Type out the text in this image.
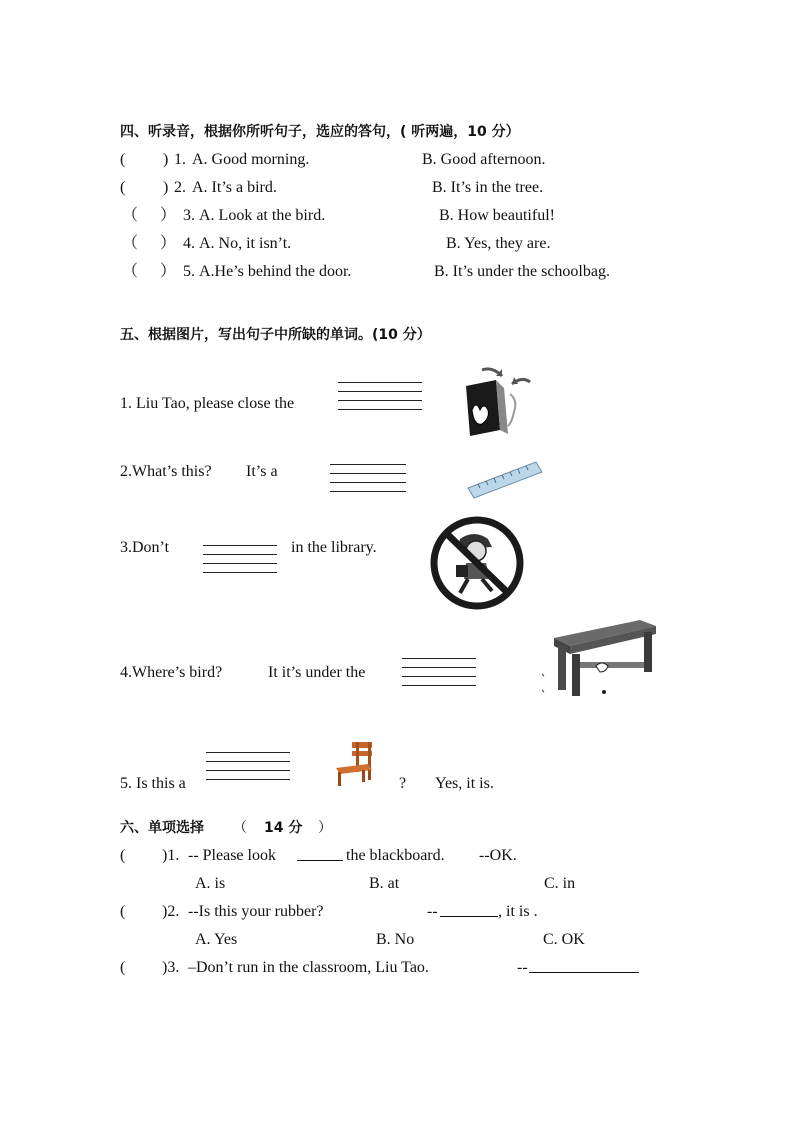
四、听录音，根据你所听句子，选应的答句，( 听两遍，10 分）
( ) 1. A. Good morning.	B. Good afternoon.
( ) 2. A. It’s a bird.	B. It’s in the tree.
（ ） 3. A. Look at the bird.	B. How beautiful!
（ ） 4. A. No, it isn’t.	B. Yes, they are.
（ ） 5. A.He’s behind the door.	B. It’s under the schoolbag.
五、根据图片，写出句子中所缺的单词。(10 分）
1. Liu Tao, please close the
2.What’s this? It’s a
3.Don’t	in the library.
4.Where’s bird?	It it’s under the
5. Is this a	? Yes, it is.
六、单项选择 （ 14 分 ）
( )1. -- Please look	the blackboard. --OK.
A. is	B. at	C. in
( )2. --Is this your rubber?	--	, it is .
A. Yes	B. No	C. OK
( )3. –Don’t run in the classroom, Liu Tao.	--
